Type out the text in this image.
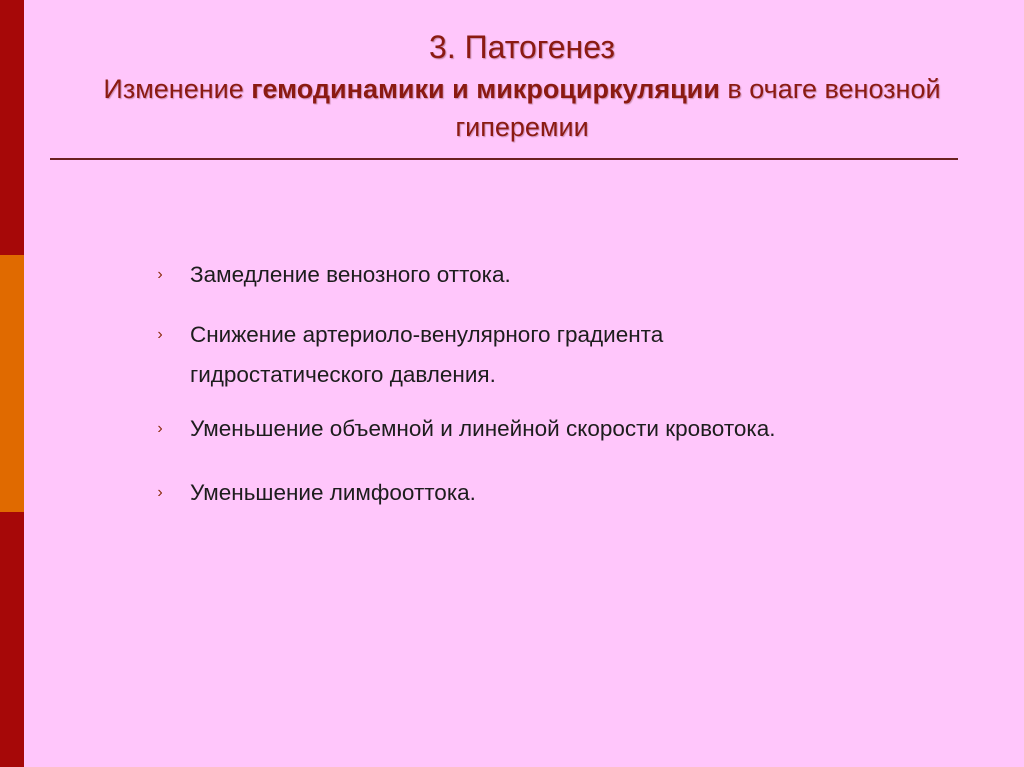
3. Патогенез
Изменение гемодинамики и микроциркуляции в очаге венозной гиперемии
›	Замедление венозного оттока.
›	Снижение артериоло-венулярного градиента гидростатического давления.
›	Уменьшение объемной и линейной скорости кровотока.
›	Уменьшение лимфооттока.
